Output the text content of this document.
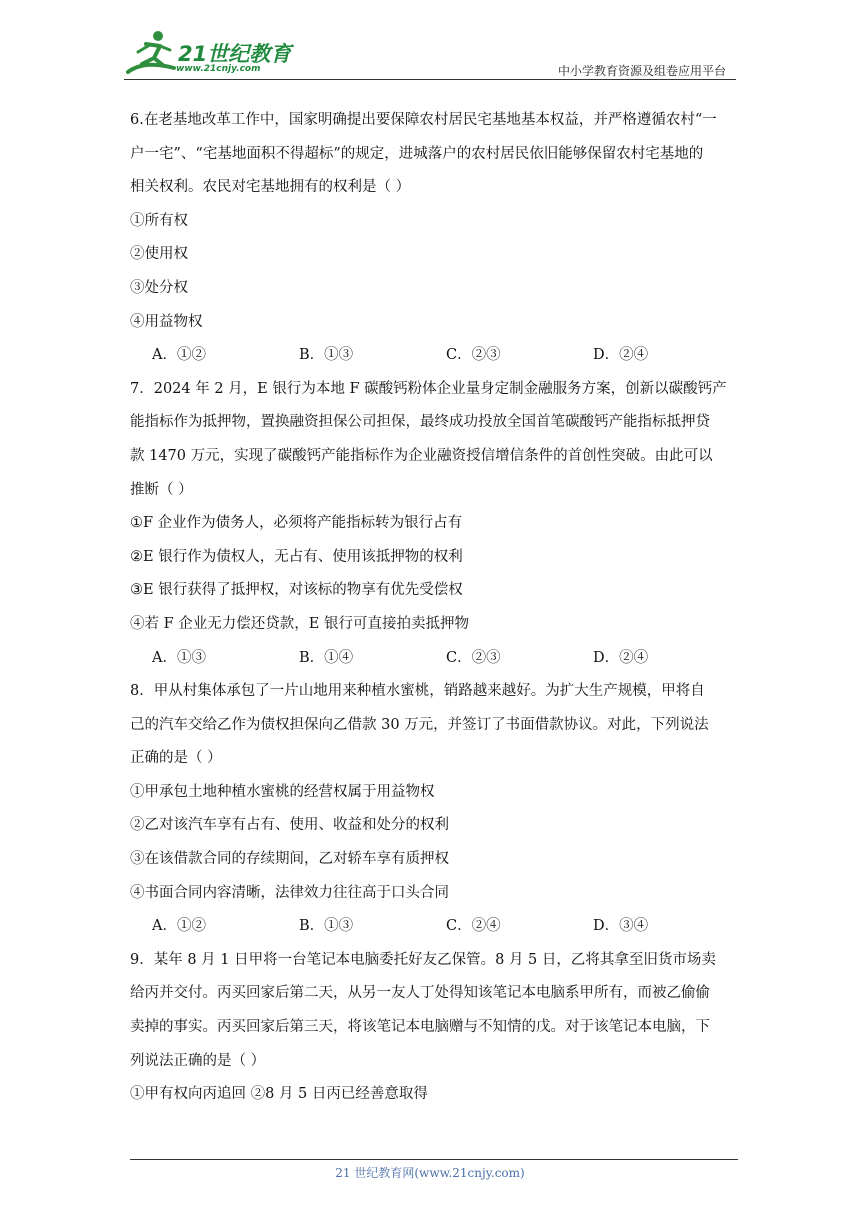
21世纪教育
www.21cnjy.com	中小学教育资源及组卷应用平台
6.在老基地改革工作中，国家明确提出要保障农村居民宅基地基本权益，并严格遵循农村“一
户一宅”、“宅基地面积不得超标”的规定，进城落户的农村居民依旧能够保留农村宅基地的
相关权利。农民对宅基地拥有的权利是（ ）
①所有权
②使用权
③处分权
④用益物权
A．①②	B．①③	C．②③	D．②④
7．2024 年 2 月，E 银行为本地 F 碳酸钙粉体企业量身定制金融服务方案，创新以碳酸钙产
能指标作为抵押物，置换融资担保公司担保，最终成功投放全国首笔碳酸钙产能指标抵押贷
款 1470 万元，实现了碳酸钙产能指标作为企业融资授信增信条件的首创性突破。由此可以
推断（ ）
①F 企业作为债务人，必须将产能指标转为银行占有
②E 银行作为债权人，无占有、使用该抵押物的权利
③E 银行获得了抵押权，对该标的物享有优先受偿权
④若 F 企业无力偿还贷款，E 银行可直接拍卖抵押物
A．①③	B．①④	C．②③	D．②④
8．甲从村集体承包了一片山地用来种植水蜜桃，销路越来越好。为扩大生产规模，甲将自
己的汽车交给乙作为债权担保向乙借款 30 万元，并签订了书面借款协议。对此，下列说法
正确的是（ ）
①甲承包土地种植水蜜桃的经营权属于用益物权
②乙对该汽车享有占有、使用、收益和处分的权利
③在该借款合同的存续期间，乙对轿车享有质押权
④书面合同内容清晰，法律效力往往高于口头合同
A．①②	B．①③	C．②④	D．③④
9．某年 8 月 1 日甲将一台笔记本电脑委托好友乙保管。8 月 5 日，乙将其拿至旧货市场卖
给丙并交付。丙买回家后第二天，从另一友人丁处得知该笔记本电脑系甲所有，而被乙偷偷
卖掉的事实。丙买回家后第三天，将该笔记本电脑赠与不知情的戊。对于该笔记本电脑，下
列说法正确的是（ ）
①甲有权向丙追回 ②8 月 5 日丙已经善意取得
21 世纪教育网(www.21cnjy.com)
